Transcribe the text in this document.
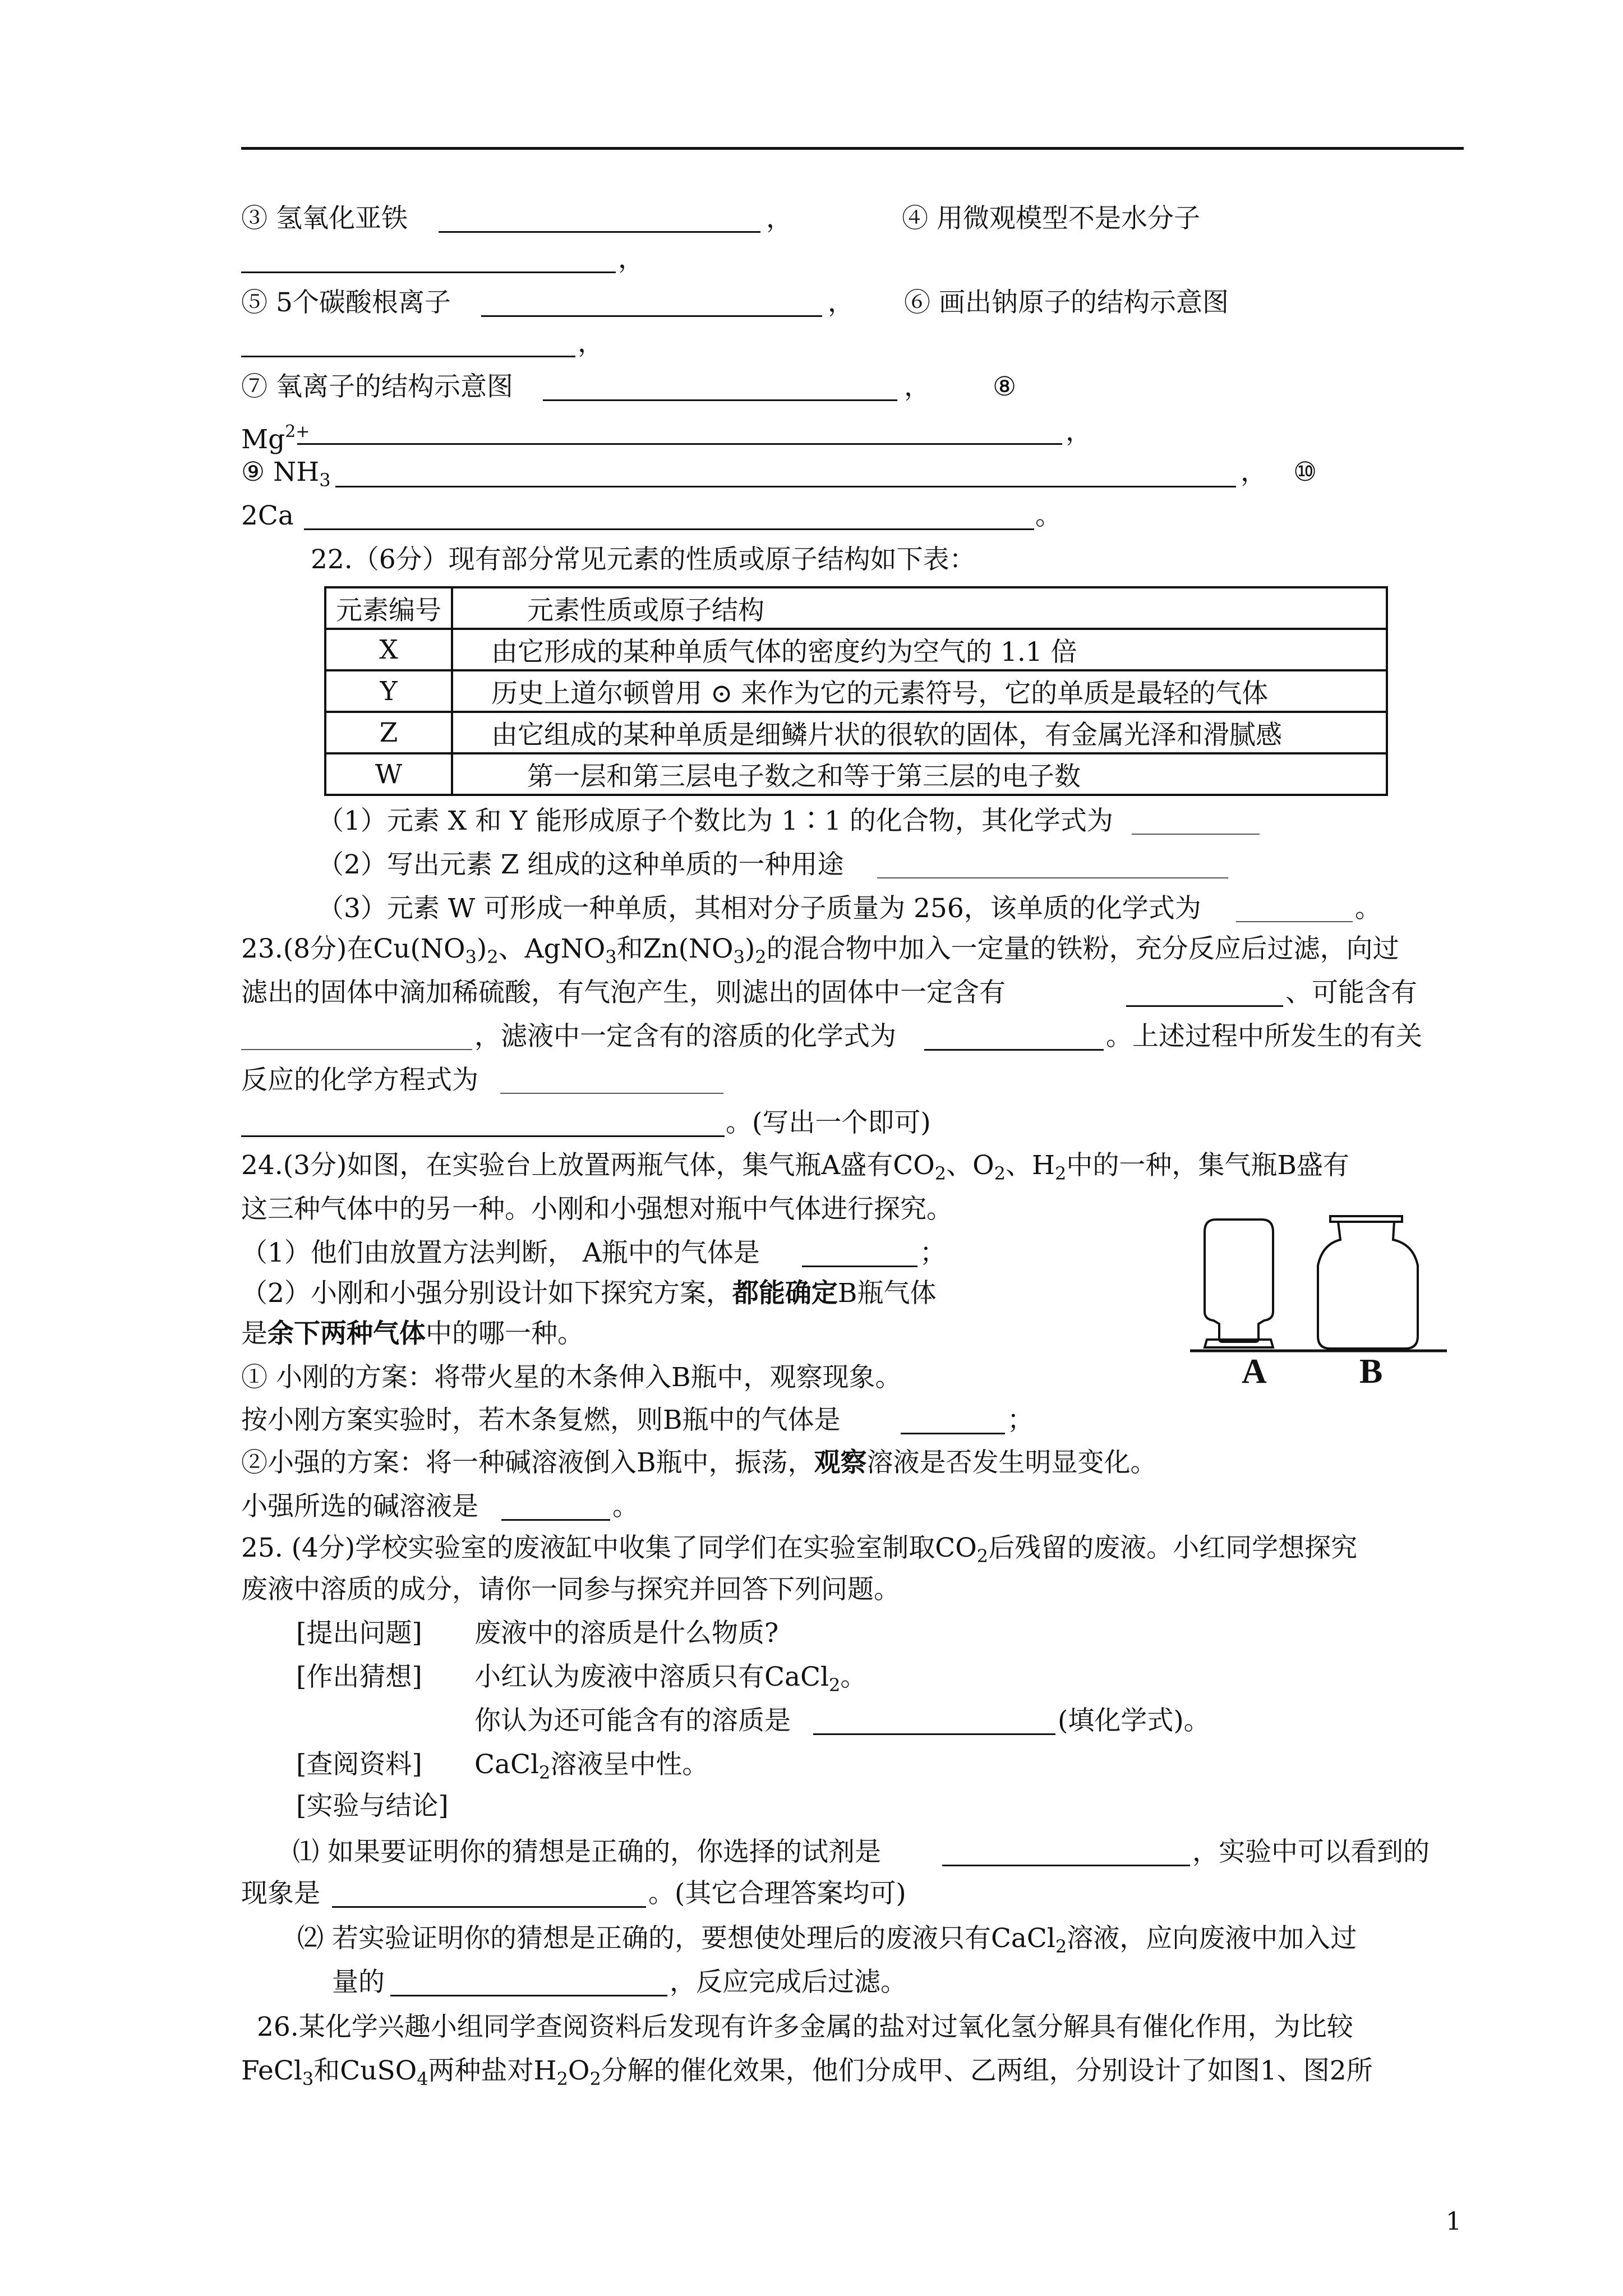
③ 氢氧化亚铁	，	④ 用微观模型不是水分子
，
⑤ 5个碳酸根离子	， ⑥ 画出钠原子的结构示意图
，
⑦ 氧离子的结构示意图	， ⑧
$Mg^{2+}$	，
⑨ $NH_3$	， ⑩
2Ca	。
22.（6分）现有部分常见元素的性质或原子结构如下表：
元素编号	元素性质或原子结构
X	由它形成的某种单质气体的密度约为空气的 1.1 倍
Y	历史上道尔顿曾用 ⊙ 来作为它的元素符号，它的单质是最轻的气体
Z	由它组成的某种单质是细鳞片状的很软的固体，有金属光泽和滑腻感
W	第一层和第三层电子数之和等于第三层的电子数
（1）元素 X 和 Y 能形成原子个数比为 1∶1 的化合物，其化学式为
（2）写出元素 Z 组成的这种单质的一种用途
（3）元素 W 可形成一种单质，其相对分子质量为 256，该单质的化学式为	。
23.(8分)在$Cu(NO_3)_2$、AgNO$_3$和$Zn(NO_3)_2$的混合物中加入一定量的铁粉，充分反应后过滤，向过
滤出的固体中滴加稀硫酸，有气泡产生，则滤出的固体中一定含有	、可能含有
，滤液中一定含有的溶质的化学式为	。上述过程中所发生的有关
反应的化学方程式为
。(写出一个即可)
24.(3分)如图，在实验台上放置两瓶气体，集气瓶A盛有$CO_2$、$O_2$、$H_2$中的一种，集气瓶B盛有
这三种气体中的另一种。小刚和小强想对瓶中气体进行探究。
（1）他们由放置方法判断， A瓶中的气体是	；
（2）小刚和小强分别设计如下探究方案，都能确定B瓶气体
是余下两种气体中的哪一种。
① 小刚的方案：将带火星的木条伸入B瓶中，观察现象。
按小刚方案实验时，若木条复燃，则B瓶中的气体是	；
②小强的方案：将一种碱溶液倒入B瓶中，振荡，观察溶液是否发生明显变化。
小强所选的碱溶液是	。
A	B
25. (4分)学校实验室的废液缸中收集了同学们在实验室制取$CO_2$后残留的废液。小红同学想探究
废液中溶质的成分，请你一同参与探究并回答下列问题。
[提出问题] 废液中的溶质是什么物质?
[作出猜想] 小红认为废液中溶质只有CaCl$_2$。
你认为还可能含有的溶质是	(填化学式)。
[查阅资料] CaCl$_2$溶液呈中性。
[实验与结论]
⑴ 如果要证明你的猜想是正确的，你选择的试剂是	，实验中可以看到的
现象是	。(其它合理答案均可)
⑵ 若实验证明你的猜想是正确的，要想使处理后的废液只有CaCl$_2$溶液，应向废液中加入过
量的	，反应完成后过滤。
26.某化学兴趣小组同学查阅资料后发现有许多金属的盐对过氧化氢分解具有催化作用，为比较
FeCl$_3$和CuSO$_4$两种盐对$H_2O_2$分解的催化效果，他们分成甲、乙两组，分别设计了如图1、图2所
1
